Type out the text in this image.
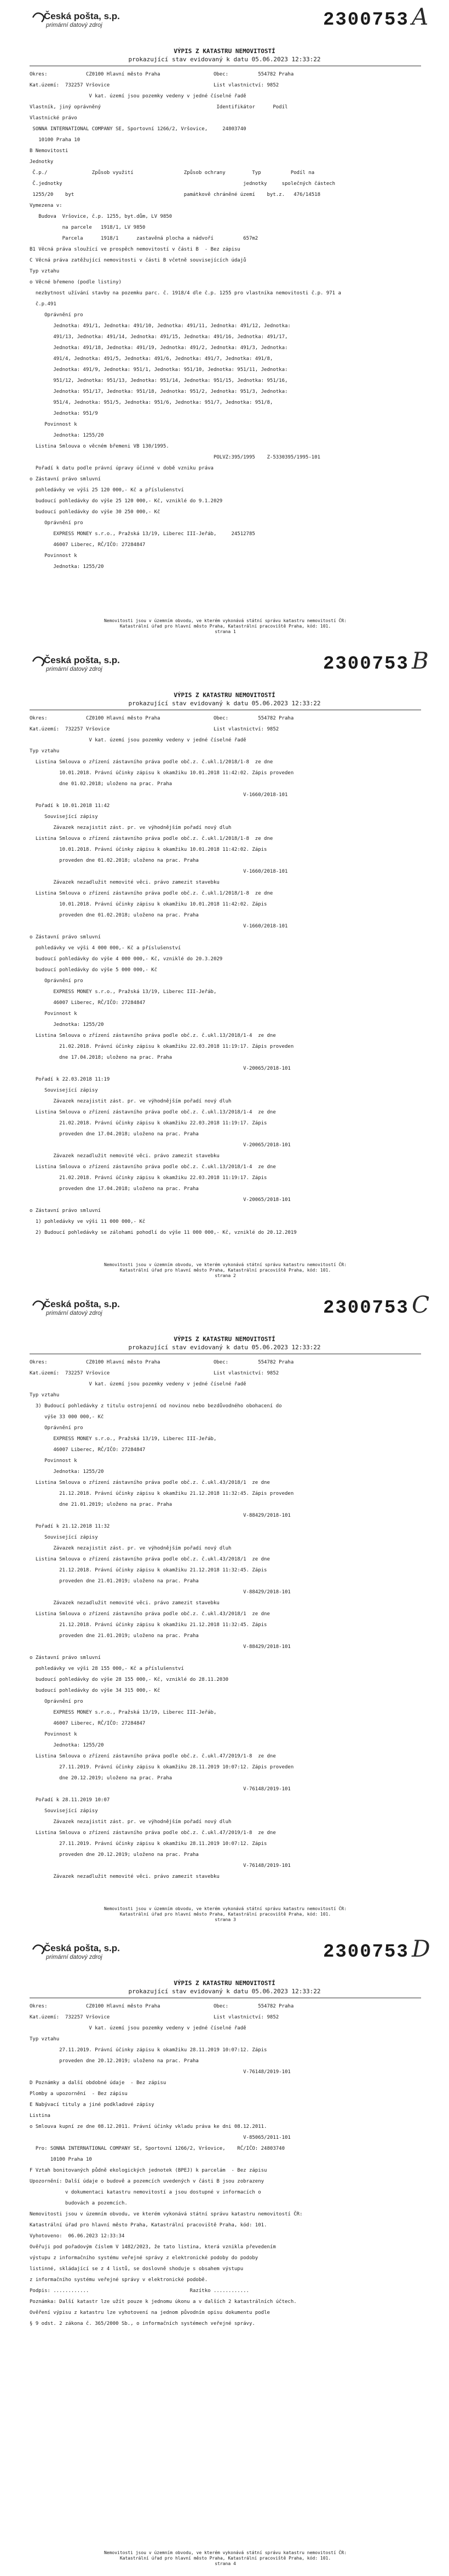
Česká pošta, s.p.
primární datový zdroj	2300753 A
VÝPIS Z KATASTRU NEMOVITOSTÍ
prokazující stav evidovaný k datu 05.06.2023 12:33:22
Okres:             CZ0100 Hlavní město Praha                  Obec:          554782 Praha
Kat.území:  732257 Vršovice                                   List vlastnictví: 9852
V kat. území jsou pozemky vedeny v jedné číselné řadě
Vlastník, jiný oprávněný                                       Identifikátor      Podíl
Vlastnické právo
SONNA INTERNATIONAL COMPANY SE, Sportovní 1266/2, Vršovice,     24803740
10100 Praha 10
B Nemovitosti
Jednotky
Č.p./               Způsob využití                 Způsob ochrany         Typ          Podíl na
Č.jednotky                                                             jednotky     společných částech
1255/20    byt                                     památkově chráněné území    byt.z.   476/14518
Vymezena v:
Budova  Vršovice, č.p. 1255, byt.dům, LV 9850
na parcele   1918/1, LV 9850
Parcela      1918/1      zastavěná plocha a nádvoří          657m2
B1 Věcná práva sloužící ve prospěch nemovitostí v části B  - Bez zápisu
C Věcná práva zatěžující nemovitosti v části B včetně souvisejících údajů
Typ vztahu
o Věcné břemeno (podle listiny)
nezbytnost užívání stavby na pozemku parc. č. 1918/4 dle č.p. 1255 pro vlastníka nemovitosti č.p. 971 a
č.p.491
Oprávnění pro
Jednotka: 491/1, Jednotka: 491/10, Jednotka: 491/11, Jednotka: 491/12, Jednotka:
491/13, Jednotka: 491/14, Jednotka: 491/15, Jednotka: 491/16, Jednotka: 491/17,
Jednotka: 491/18, Jednotka: 491/19, Jednotka: 491/2, Jednotka: 491/3, Jednotka:
491/4, Jednotka: 491/5, Jednotka: 491/6, Jednotka: 491/7, Jednotka: 491/8,
Jednotka: 491/9, Jednotka: 951/1, Jednotka: 951/10, Jednotka: 951/11, Jednotka:
951/12, Jednotka: 951/13, Jednotka: 951/14, Jednotka: 951/15, Jednotka: 951/16,
Jednotka: 951/17, Jednotka: 951/18, Jednotka: 951/2, Jednotka: 951/3, Jednotka:
951/4, Jednotka: 951/5, Jednotka: 951/6, Jednotka: 951/7, Jednotka: 951/8,
Jednotka: 951/9
Povinnost k
Jednotka: 1255/20
Listina Smlouva o věcném břemeni VB 130/1995.
POLVZ:395/1995    Z-5330395/1995-101
Pořadí k datu podle právní úpravy účinné v době vzniku práva
o Zástavní právo smluvní
pohledávky ve výši 25 120 000,- Kč a příslušenství
budoucí pohledávky do výše 25 120 000,- Kč, vzniklé do 9.1.2029
budoucí pohledávky do výše 30 250 000,- Kč
Oprávnění pro
EXPRESS MONEY s.r.o., Pražská 13/19, Liberec III-Jeřáb,     24512785
46007 Liberec, RČ/IČO: 27284847
Povinnost k
Jednotka: 1255/20
Nemovitosti jsou v územním obvodu, ve kterém vykonává státní správu katastru nemovitostí ČR:
Katastrální úřad pro hlavní město Praha, Katastrální pracoviště Praha, kód: 101.
strana 1
Česká pošta, s.p.
primární datový zdroj	2300753 B
VÝPIS Z KATASTRU NEMOVITOSTÍ
prokazující stav evidovaný k datu 05.06.2023 12:33:22
Okres:             CZ0100 Hlavní město Praha                  Obec:          554782 Praha
Kat.území:  732257 Vršovice                                   List vlastnictví: 9852
V kat. území jsou pozemky vedeny v jedné číselné řadě
Typ vztahu
Listina Smlouva o zřízení zástavního práva podle obč.z. č.ukl.1/2018/1-8  ze dne
10.01.2018. Právní účinky zápisu k okamžiku 10.01.2018 11:42:02. Zápis proveden
dne 01.02.2018; uloženo na prac. Praha
V-1660/2018-101
Pořadí k 10.01.2018 11:42
Související zápisy
Závazek nezajistit zást. pr. ve výhodnějším pořadí nový dluh
Listina Smlouva o zřízení zástavního práva podle obč.z. č.ukl.1/2018/1-8  ze dne
10.01.2018. Právní účinky zápisu k okamžiku 10.01.2018 11:42:02. Zápis
proveden dne 01.02.2018; uloženo na prac. Praha
V-1660/2018-101
Závazek nezadlužit nemovité věci. právo zamezit stavebku
Listina Smlouva o zřízení zástavního práva podle obč.z. č.ukl.1/2018/1-8  ze dne
10.01.2018. Právní účinky zápisu k okamžiku 10.01.2018 11:42:02. Zápis
proveden dne 01.02.2018; uloženo na prac. Praha
V-1660/2018-101
o Zástavní právo smluvní
pohledávky ve výši 4 000 000,- Kč a příslušenství
budoucí pohledávky do výše 4 000 000,- Kč, vzniklé do 20.3.2029
budoucí pohledávky do výše 5 000 000,- Kč
Oprávnění pro
EXPRESS MONEY s.r.o., Pražská 13/19, Liberec III-Jeřáb,
46007 Liberec, RČ/IČO: 27284847
Povinnost k
Jednotka: 1255/20
Listina Smlouva o zřízení zástavního práva podle obč.z. č.ukl.13/2018/1-4  ze dne
21.02.2018. Právní účinky zápisu k okamžiku 22.03.2018 11:19:17. Zápis proveden
dne 17.04.2018; uloženo na prac. Praha
V-20065/2018-101
Pořadí k 22.03.2018 11:19
Související zápisy
Závazek nezajistit zást. pr. ve výhodnějším pořadí nový dluh
Listina Smlouva o zřízení zástavního práva podle obč.z. č.ukl.13/2018/1-4  ze dne
21.02.2018. Právní účinky zápisu k okamžiku 22.03.2018 11:19:17. Zápis
proveden dne 17.04.2018; uloženo na prac. Praha
V-20065/2018-101
Závazek nezadlužit nemovité věci. právo zamezit stavebku
Listina Smlouva o zřízení zástavního práva podle obč.z. č.ukl.13/2018/1-4  ze dne
21.02.2018. Právní účinky zápisu k okamžiku 22.03.2018 11:19:17. Zápis
proveden dne 17.04.2018; uloženo na prac. Praha
V-20065/2018-101
o Zástavní právo smluvní
1) pohledávky ve výši 11 000 000,- Kč
2) Budoucí pohledávky se zálohami pohodlí do výše 11 000 000,- Kč, vzniklé do 20.12.2019
Nemovitosti jsou v územním obvodu, ve kterém vykonává státní správu katastru nemovitostí ČR:
Katastrální úřad pro hlavní město Praha, Katastrální pracoviště Praha, kód: 101.
strana 2
Česká pošta, s.p.
primární datový zdroj	2300753 C
VÝPIS Z KATASTRU NEMOVITOSTÍ
prokazující stav evidovaný k datu 05.06.2023 12:33:22
Okres:             CZ0100 Hlavní město Praha                  Obec:          554782 Praha
Kat.území:  732257 Vršovice                                   List vlastnictví: 9852
V kat. území jsou pozemky vedeny v jedné číselné řadě
Typ vztahu
3) Budoucí pohledávky z titulu ostrojenní od novinou nebo bezdůvodného obohacení do
výše 33 000 000,- Kč
Oprávnění pro
EXPRESS MONEY s.r.o., Pražská 13/19, Liberec III-Jeřáb,
46007 Liberec, RČ/IČO: 27284847
Povinnost k
Jednotka: 1255/20
Listina Smlouva o zřízení zástavního práva podle obč.z. č.ukl.43/2018/1  ze dne
21.12.2018. Právní účinky zápisu k okamžiku 21.12.2018 11:32:45. Zápis proveden
dne 21.01.2019; uloženo na prac. Praha
V-88429/2018-101
Pořadí k 21.12.2018 11:32
Související zápisy
Závazek nezajistit zást. pr. ve výhodnějším pořadí nový dluh
Listina Smlouva o zřízení zástavního práva podle obč.z. č.ukl.43/2018/1  ze dne
21.12.2018. Právní účinky zápisu k okamžiku 21.12.2018 11:32:45. Zápis
proveden dne 21.01.2019; uloženo na prac. Praha
V-88429/2018-101
Závazek nezadlužit nemovité věci. právo zamezit stavebku
Listina Smlouva o zřízení zástavního práva podle obč.z. č.ukl.43/2018/1  ze dne
21.12.2018. Právní účinky zápisu k okamžiku 21.12.2018 11:32:45. Zápis
proveden dne 21.01.2019; uloženo na prac. Praha
V-88429/2018-101
o Zástavní právo smluvní
pohledávky ve výši 28 155 000,- Kč a příslušenství
budoucí pohledávky do výše 28 155 000,- Kč, vzniklé do 28.11.2030
budoucí pohledávky do výše 34 315 000,- Kč
Oprávnění pro
EXPRESS MONEY s.r.o., Pražská 13/19, Liberec III-Jeřáb,
46007 Liberec, RČ/IČO: 27284847
Povinnost k
Jednotka: 1255/20
Listina Smlouva o zřízení zástavního práva podle obč.z. č.ukl.47/2019/1-8  ze dne
27.11.2019. Právní účinky zápisu k okamžiku 28.11.2019 10:07:12. Zápis proveden
dne 20.12.2019; uloženo na prac. Praha
V-76148/2019-101
Pořadí k 28.11.2019 10:07
Související zápisy
Závazek nezajistit zást. pr. ve výhodnějším pořadí nový dluh
Listina Smlouva o zřízení zástavního práva podle obč.z. č.ukl.47/2019/1-8  ze dne
27.11.2019. Právní účinky zápisu k okamžiku 28.11.2019 10:07:12. Zápis
proveden dne 20.12.2019; uloženo na prac. Praha
V-76148/2019-101
Závazek nezadlužit nemovité věci. právo zamezit stavebku
Nemovitosti jsou v územním obvodu, ve kterém vykonává státní správu katastru nemovitostí ČR:
Katastrální úřad pro hlavní město Praha, Katastrální pracoviště Praha, kód: 101.
strana 3
Česká pošta, s.p.
primární datový zdroj	2300753 D
VÝPIS Z KATASTRU NEMOVITOSTÍ
prokazující stav evidovaný k datu 05.06.2023 12:33:22
Okres:             CZ0100 Hlavní město Praha                  Obec:          554782 Praha
Kat.území:  732257 Vršovice                                   List vlastnictví: 9852
V kat. území jsou pozemky vedeny v jedné číselné řadě
Typ vztahu
27.11.2019. Právní účinky zápisu k okamžiku 28.11.2019 10:07:12. Zápis
proveden dne 20.12.2019; uloženo na prac. Praha
V-76148/2019-101
D Poznámky a další obdobné údaje  - Bez zápisu
Plomby a upozornění  - Bez zápisu
E Nabývací tituly a jiné podkladové zápisy
Listina
o Smlouva kupní ze dne 08.12.2011. Právní účinky vkladu práva ke dni 08.12.2011.
V-85065/2011-101
Pro: SONNA INTERNATIONAL COMPANY SE, Sportovní 1266/2, Vršovice,    RČ/IČO: 24803740
10100 Praha 10
F Vztah bonitovaných půdně ekologických jednotek (BPEJ) k parcelám  - Bez zápisu
Upozornění: Další údaje o budově a pozemcích uvedených v části B jsou zobrazeny
v dokumentaci katastru nemovitostí a jsou dostupné v informacích o
budovách a pozemcích.
Nemovitosti jsou v územním obvodu, ve kterém vykonává státní správu katastru nemovitostí ČR:
Katastrální úřad pro hlavní město Praha, Katastrální pracoviště Praha, kód: 101.
Vyhotoveno:  06.06.2023 12:33:34
Ověřuji pod pořadovým číslem V 1482/2023, že tato listina, která vznikla převedením
výstupu z informačního systému veřejné správy z elektronické podoby do podoby
listinné, skládající se z 4 listů, se doslovně shoduje s obsahem výstupu
z informačního systému veřejné správy v elektronické podobě.
Podpis: ............                                  Razítko ............
Poznámka: Další katastr lze užít pouze k jednomu úkonu a v dalších 2 katastrálních účtech.
Ověření výpisu z katastru lze vyhotovení na jednom původním opisu dokumentu podle
§ 9 odst. 2 zákona č. 365/2000 Sb., o informačních systémech veřejné správy.
Nemovitosti jsou v územním obvodu, ve kterém vykonává státní správu katastru nemovitostí ČR:
Katastrální úřad pro hlavní město Praha, Katastrální pracoviště Praha, kód: 101.
strana 4
